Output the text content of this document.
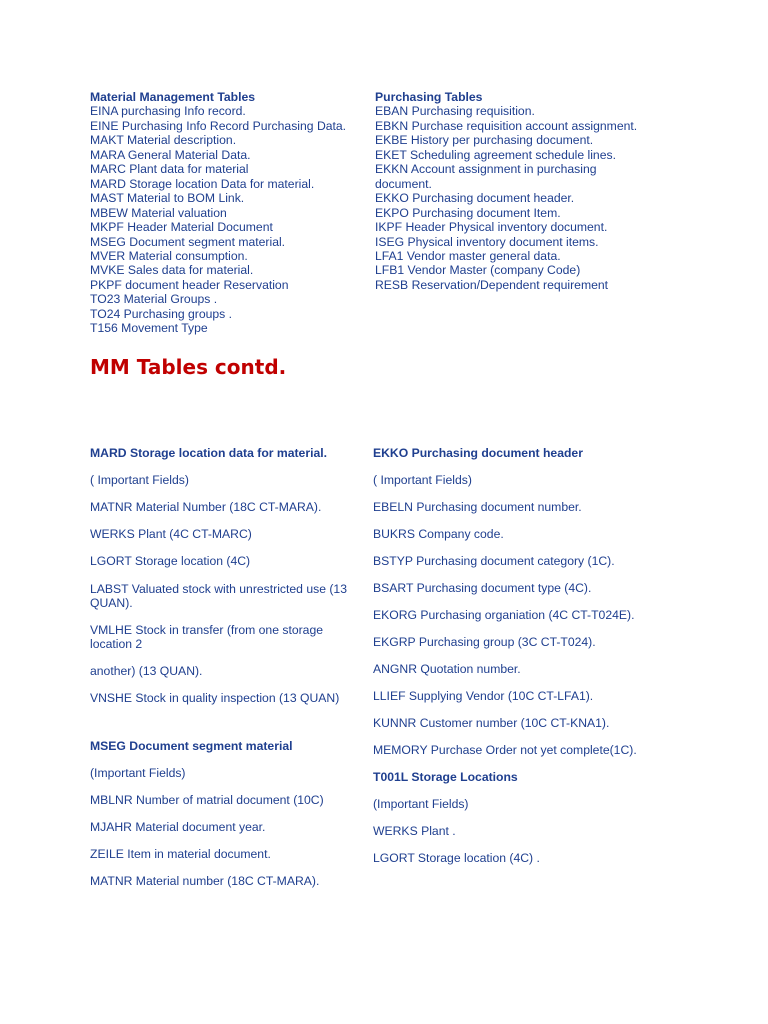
Material Management Tables
EINA purchasing Info record.
EINE Purchasing Info Record Purchasing Data.
MAKT Material description.
MARA General Material Data.
MARC Plant data for material
MARD Storage location Data for material.
MAST Material to BOM Link.
MBEW Material valuation
MKPF Header Material Document
MSEG Document segment material.
MVER Material consumption.
MVKE Sales data for material.
PKPF document header Reservation
TO23 Material Groups .
TO24 Purchasing groups .
T156 Movement Type
Purchasing Tables
EBAN Purchasing requisition.
EBKN Purchase requisition account assignment.
EKBE History per purchasing document.
EKET Scheduling agreement schedule lines.
EKKN Account assignment in purchasing document.
EKKO Purchasing document header.
EKPO Purchasing document Item.
IKPF Header Physical inventory document.
ISEG Physical inventory document items.
LFA1 Vendor master general data.
LFB1 Vendor Master (company Code)
RESB Reservation/Dependent requirement
MM Tables contd.
MARD Storage location data for material.
( Important Fields)
MATNR Material Number (18C CT-MARA).
WERKS Plant (4C CT-MARC)
LGORT Storage location (4C)
LABST Valuated stock with unrestricted use (13 QUAN).
VMLHE Stock in transfer (from one storage location 2
another) (13 QUAN).
VNSHE Stock in quality inspection (13 QUAN)
MSEG Document segment material
(Important Fields)
MBLNR Number of matrial document (10C)
MJAHR Material document year.
ZEILE Item in material document.
MATNR Material number (18C CT-MARA).
EKKO Purchasing document header
( Important Fields)
EBELN Purchasing document number.
BUKRS Company code.
BSTYP Purchasing document category (1C).
BSART Purchasing document type (4C).
EKORG Purchasing organiation (4C CT-T024E).
EKGRP Purchasing group (3C CT-T024).
ANGNR Quotation number.
LLIEF Supplying Vendor (10C CT-LFA1).
KUNNR Customer number (10C CT-KNA1).
MEMORY Purchase Order not yet complete(1C).
T001L Storage Locations
(Important Fields)
WERKS Plant .
LGORT Storage location (4C) .
